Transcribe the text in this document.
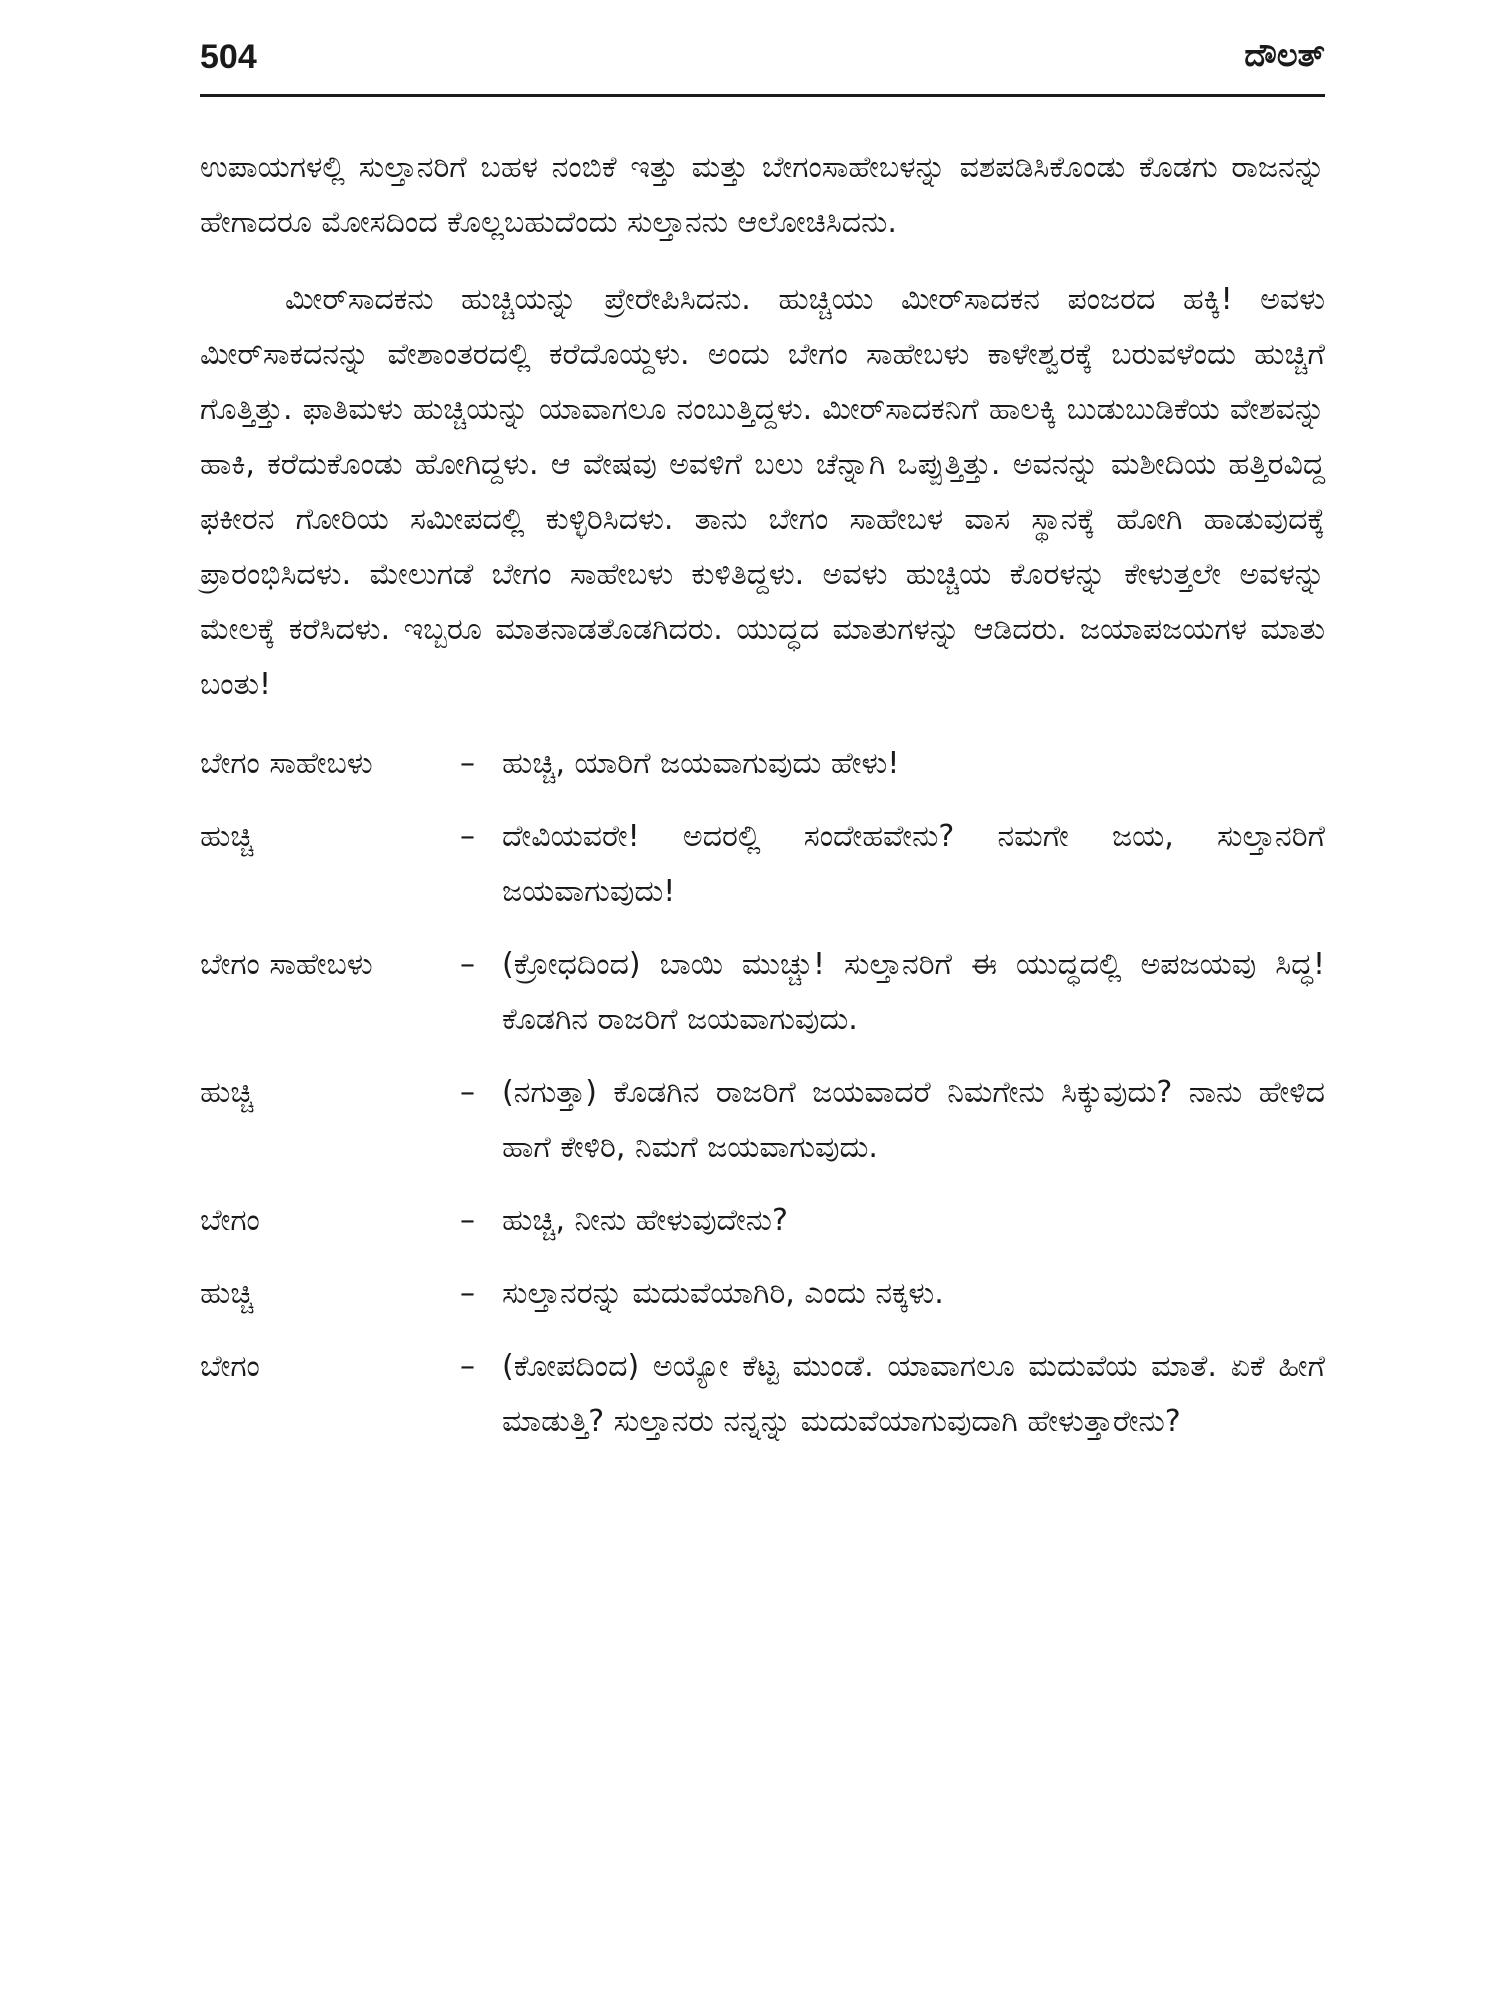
504	ದೌಲತ್

ಉಪಾಯಗಳಲ್ಲಿ ಸುಲ್ತಾನರಿಗೆ ಬಹಳ ನಂಬಿಕೆ ಇತ್ತು ಮತ್ತು ಬೇಗಂಸಾಹೇಬಳನ್ನು ವಶಪಡಿಸಿಕೊಂಡು ಕೊಡಗು ರಾಜನನ್ನು ಹೇಗಾದರೂ ಮೋಸದಿಂದ ಕೊಲ್ಲಬಹುದೆಂದು ಸುಲ್ತಾನನು ಆಲೋಚಿಸಿದನು.

ಮೀರ್‌ಸಾದಕನು ಹುಚ್ಚಿಯನ್ನು ಪ್ರೇರೇಪಿಸಿದನು. ಹುಚ್ಚಿಯು ಮೀರ್‌ಸಾದಕನ ಪಂಜರದ ಹಕ್ಕಿ! ಅವಳು ಮೀರ್‌ಸಾಕದನನ್ನು ವೇಶಾಂತರದಲ್ಲಿ ಕರೆದೊಯ್ದಳು. ಅಂದು ಬೇಗಂ ಸಾಹೇಬಳು ಕಾಳೇಶ್ವರಕ್ಕೆ ಬರುವಳೆಂದು ಹುಚ್ಚಿಗೆ ಗೊತ್ತಿತ್ತು. ಫಾತಿಮಳು ಹುಚ್ಚಿಯನ್ನು ಯಾವಾಗಲೂ ನಂಬುತ್ತಿದ್ದಳು. ಮೀರ್‌ಸಾದಕನಿಗೆ ಹಾಲಕ್ಕಿ ಬುಡುಬುಡಿಕೆಯ ವೇಶವನ್ನು ಹಾಕಿ, ಕರೆದುಕೊಂಡು ಹೋಗಿದ್ದಳು. ಆ ವೇಷವು ಅವಳಿಗೆ ಬಲು ಚೆನ್ನಾಗಿ ಒಪ್ಪುತ್ತಿತ್ತು. ಅವನನ್ನು ಮಶೀದಿಯ ಹತ್ತಿರವಿದ್ದ ಫಕೀರನ ಗೋರಿಯ ಸಮೀಪದಲ್ಲಿ ಕುಳ್ಳಿರಿಸಿದಳು. ತಾನು ಬೇಗಂ ಸಾಹೇಬಳ ವಾಸ ಸ್ಥಾನಕ್ಕೆ ಹೋಗಿ ಹಾಡುವುದಕ್ಕೆ ಪ್ರಾರಂಭಿಸಿದಳು. ಮೇಲುಗಡೆ ಬೇಗಂ ಸಾಹೇಬಳು ಕುಳಿತಿದ್ದಳು. ಅವಳು ಹುಚ್ಚಿಯ ಕೊರಳನ್ನು ಕೇಳುತ್ತಲೇ ಅವಳನ್ನು ಮೇಲಕ್ಕೆ ಕರೆಸಿದಳು. ಇಬ್ಬರೂ ಮಾತನಾಡತೊಡಗಿದರು. ಯುದ್ಧದ ಮಾತುಗಳನ್ನು ಆಡಿದರು. ಜಯಾಪಜಯಗಳ ಮಾತು ಬಂತು!

ಬೇಗಂ ಸಾಹೇಬಳು	– ಹುಚ್ಚಿ, ಯಾರಿಗೆ ಜಯವಾಗುವುದು ಹೇಳು!
ಹುಚ್ಚಿ	– ದೇವಿಯವರೇ! ಅದರಲ್ಲಿ ಸಂದೇಹವೇನು? ನಮಗೇ ಜಯ, ಸುಲ್ತಾನರಿಗೆ ಜಯವಾಗುವುದು!
ಬೇಗಂ ಸಾಹೇಬಳು	– (ಕ್ರೋಧದಿಂದ) ಬಾಯಿ ಮುಚ್ಚು! ಸುಲ್ತಾನರಿಗೆ ಈ ಯುದ್ಧದಲ್ಲಿ ಅಪಜಯವು ಸಿದ್ಧ! ಕೊಡಗಿನ ರಾಜರಿಗೆ ಜಯವಾಗುವುದು.
ಹುಚ್ಚಿ	– (ನಗುತ್ತಾ) ಕೊಡಗಿನ ರಾಜರಿಗೆ ಜಯವಾದರೆ ನಿಮಗೇನು ಸಿಕ್ಕುವುದು? ನಾನು ಹೇಳಿದ ಹಾಗೆ ಕೇಳಿರಿ, ನಿಮಗೆ ಜಯವಾಗುವುದು.
ಬೇಗಂ	– ಹುಚ್ಚಿ, ನೀನು ಹೇಳುವುದೇನು?
ಹುಚ್ಚಿ	– ಸುಲ್ತಾನರನ್ನು ಮದುವೆಯಾಗಿರಿ, ಎಂದು ನಕ್ಕಳು.
ಬೇಗಂ	– (ಕೋಪದಿಂದ) ಅಯ್ಯೋ ಕೆಟ್ಟ ಮುಂಡೆ. ಯಾವಾಗಲೂ ಮದುವೆಯ ಮಾತೆ. ಏಕೆ ಹೀಗೆ ಮಾಡುತ್ತಿ? ಸುಲ್ತಾನರು ನನ್ನನ್ನು ಮದುವೆಯಾಗುವುದಾಗಿ ಹೇಳುತ್ತಾರೇನು?
